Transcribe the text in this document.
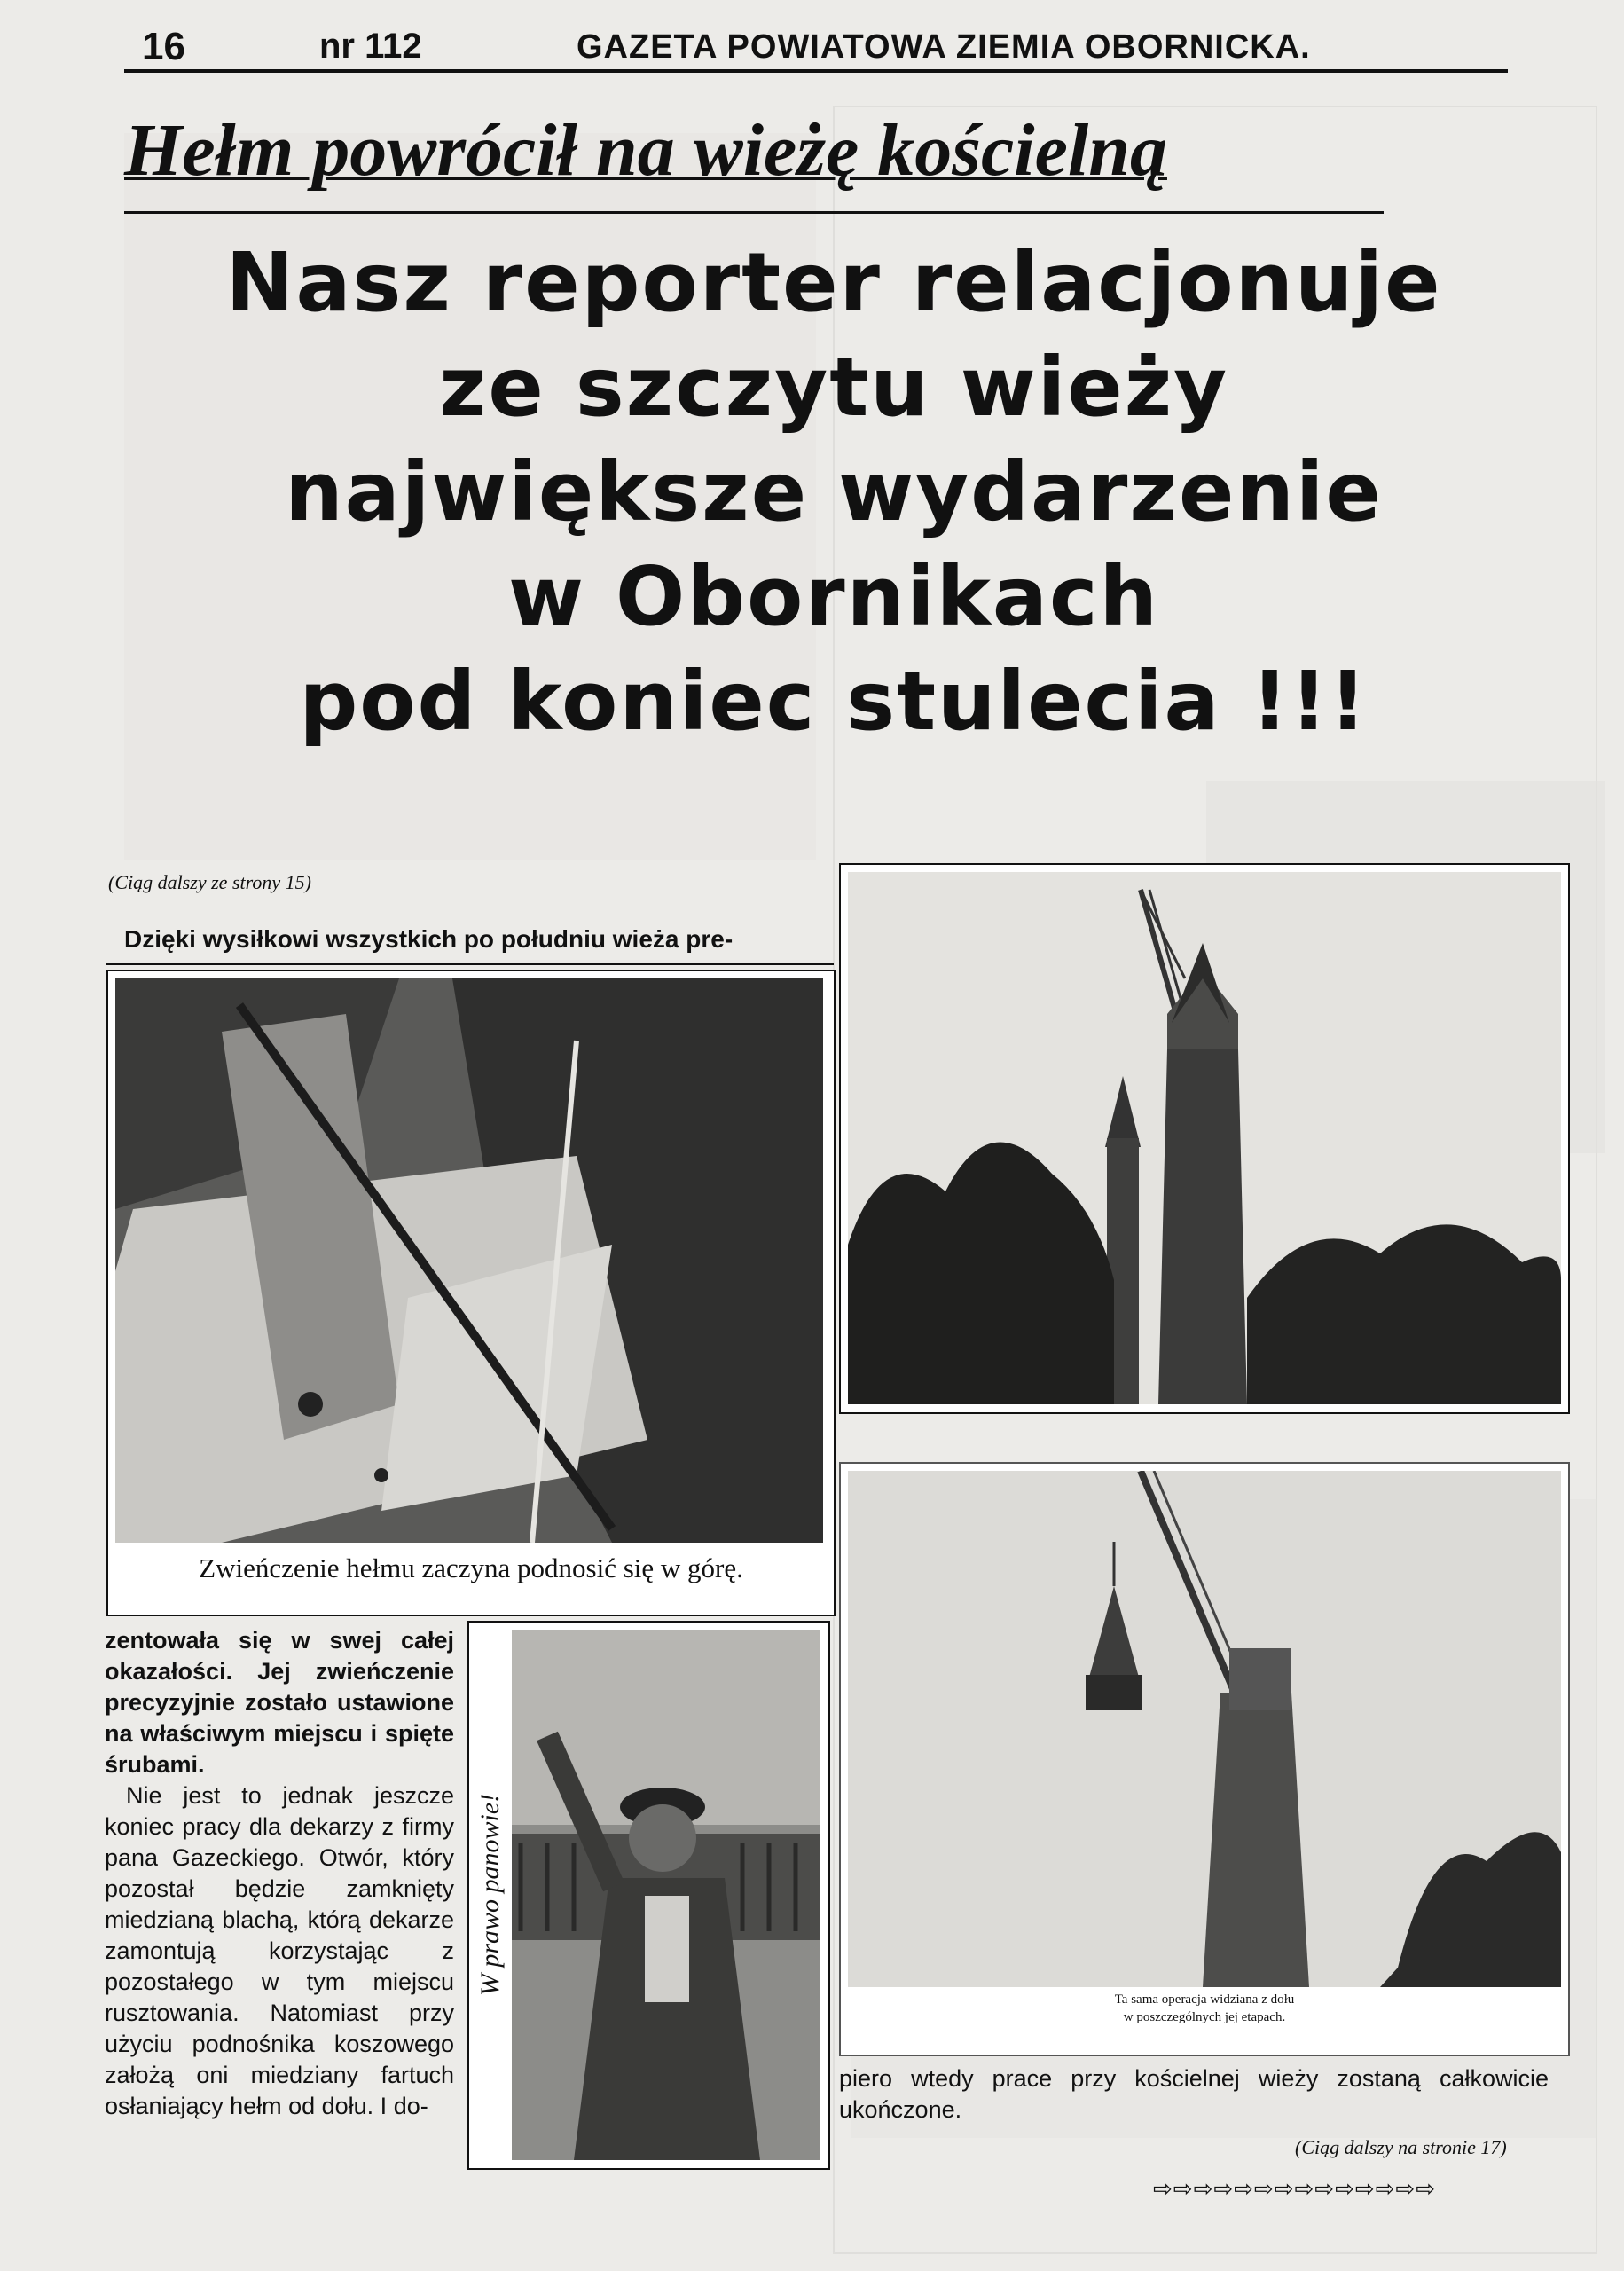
16	nr 112	GAZETA POWIATOWA ZIEMIA OBORNICKA.
Hełm powrócił na wieżę kościelną
Nasz reporter relacjonuje
ze szczytu wieży
największe wydarzenie
w Obornikach
pod koniec stulecia !!!
(Ciąg dalszy ze strony 15)
Dzięki wysiłkowi wszystkich po południu wieża pre-
Zwieńczenie hełmu zaczyna podnosić się w górę.
W prawo panowie!
Ta sama operacja widziana z dołu
w poszczególnych jej etapach.

zentowała się w swej całej okazałości. Jej zwieńczenie precyzyjnie zostało ustawione na właściwym miejscu i spięte śrubami.

Nie jest to jednak jeszcze koniec pracy dla dekarzy z firmy pana Gazeckiego. Otwór, który pozostał będzie zamknięty miedzianą blachą, którą dekarze zamontują korzystając z pozostałego w tym miejscu rusztowania. Natomiast przy użyciu podnośnika koszowego założą oni miedziany fartuch osłaniający hełm od dołu. I do-

piero wtedy prace przy kościelnej wieży zostaną całkowicie ukończone.

(Ciąg dalszy na stronie 17)
⇨⇨⇨⇨⇨⇨⇨⇨⇨⇨⇨⇨⇨⇨
